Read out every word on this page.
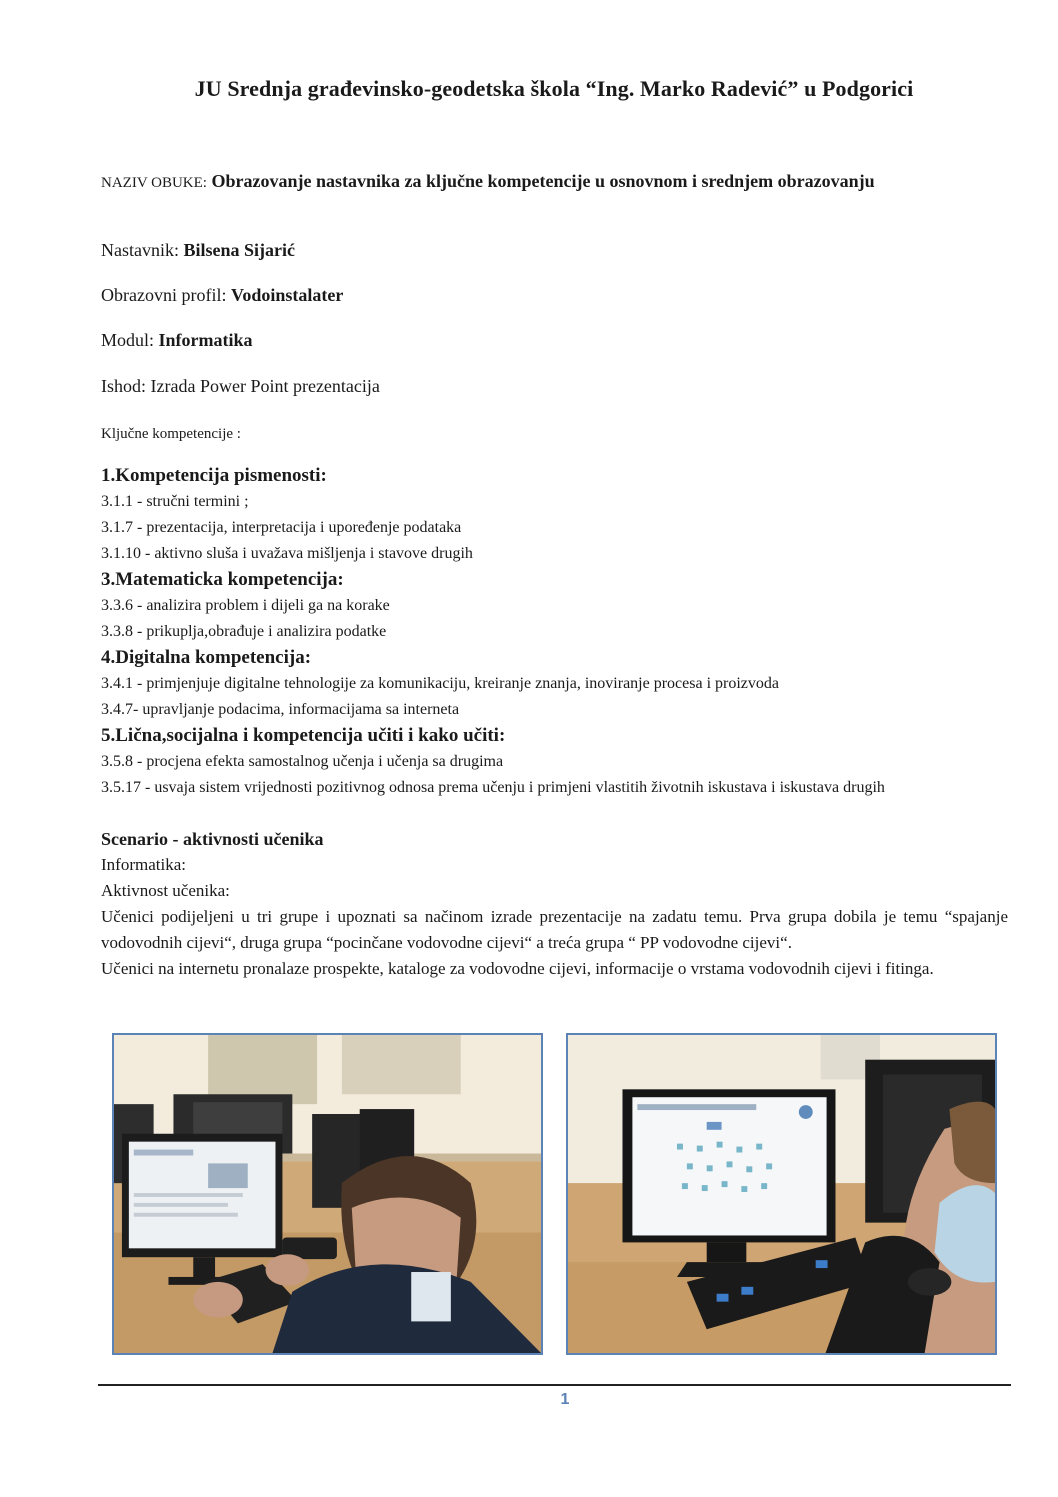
JU Srednja građevinsko-geodetska škola “Ing. Marko Radević” u Podgorici
NAZIV OBUKE: Obrazovanje nastavnika za ključne kompetencije u osnovnom i srednjem obrazovanju
Nastavnik: Bilsena Sijarić
Obrazovni profil: Vodoinstalater
Modul: Informatika
Ishod: Izrada Power Point prezentacija
Ključne kompetencije :

1.Kompetencija pismenosti:

3.1.1 - stručni termini ;

3.1.7 - prezentacija, interpretacija i upoređenje podataka

3.1.10 - aktivno sluša i uvažava mišljenja i stavove drugih

3.Matematicka kompetencija:

3.3.6 - analizira problem i dijeli ga na korake

3.3.8 - prikuplja,obrađuje i analizira podatke

4.Digitalna kompetencija:

3.4.1 - primjenjuje digitalne tehnologije za komunikaciju, kreiranje znanja, inoviranje procesa i proizvoda

3.4.7- upravljanje podacima, informacijama sa interneta

5.Lična,socijalna i kompetencija učiti i kako učiti:

3.5.8 - procjena efekta samostalnog učenja i učenja sa drugima

3.5.17 - usvaja sistem vrijednosti pozitivnog odnosa prema učenju i primjeni vlastitih životnih iskustava i iskustava drugih

Scenario - aktivnosti učenika

Informatika:

Aktivnost učenika:

Učenici podijeljeni u tri grupe i upoznati sa načinom izrade prezentacije na zadatu temu. Prva grupa dobila je temu “spajanje vodovodnih cijevi“, druga grupa “pocinčane vodovodne cijevi“ a treća grupa “ PP vodovodne cijevi“.

Učenici na internetu pronalaze prospekte, kataloge za vodovodne cijevi, informacije o vrstama vodovodnih cijevi i fitinga.

1
